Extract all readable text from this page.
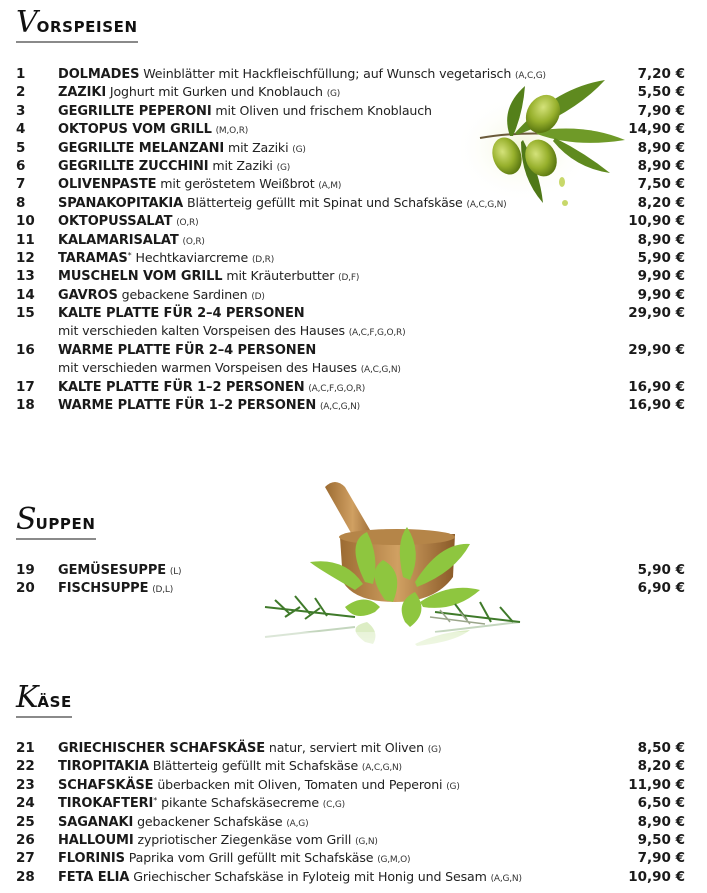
VORSPEISEN
1	DOLMADES Weinblätter mit Hackfleischfüllung; auf Wunsch vegetarisch (A,C,G)	7,20 €
2	ZAZIKI Joghurt mit Gurken und Knoblauch (G)	5,50 €
3	GEGRILLTE PEPERONI mit Oliven und frischem Knoblauch	7,90 €
4	OKTOPUS VOM GRILL (M,O,R)	14,90 €
5	GEGRILLTE MELANZANI mit Zaziki (G)	8,90 €
6	GEGRILLTE ZUCCHINI mit Zaziki (G)	8,90 €
7	OLIVENPASTE mit geröstetem Weißbrot (A,M)	7,50 €
8	SPANAKOPITAKIA Blätterteig gefüllt mit Spinat und Schafskäse (A,C,G,N)	8,20 €
10 OKTOPUSSALAT (O,R)	10,90 €
11 KALAMARISALAT (O,R)	8,90 €
12 TARAMAS* Hechtkaviarcreme (D,R)	5,90 €
13 MUSCHELN VOM GRILL mit Kräuterbutter (D,F)	9,90 €
14 GAVROS gebackene Sardinen (D)	9,90 €
15 KALTE PLATTE FÜR 2–4 PERSONEN	29,90 €
mit verschieden kalten Vorspeisen des Hauses (A,C,F,G,O,R)
16 WARME PLATTE FÜR 2–4 PERSONEN	29,90 €
mit verschieden warmen Vorspeisen des Hauses (A,C,G,N)
17 KALTE PLATTE FÜR 1–2 PERSONEN (A,C,F,G,O,R)	16,90 €
18 WARME PLATTE FÜR 1–2 PERSONEN (A,C,G,N)	16,90 €
SUPPEN
19 GEMÜSESUPPE (L)	5,90 €
20 FISCHSUPPE (D,L)	6,90 €
KÄSE
21 GRIECHISCHER SCHAFSKÄSE natur, serviert mit Oliven (G)	8,50 €
22 TIROPITAKIA Blätterteig gefüllt mit Schafskäse (A,C,G,N)	8,20 €
23 SCHAFSKÄSE überbacken mit Oliven, Tomaten und Peperoni (G)	11,90 €
24 TIROKAFTERI* pikante Schafskäsecreme (C,G)	6,50 €
25 SAGANAKI gebackener Schafskäse (A,G)	8,90 €
26 HALLOUMI zypriotischer Ziegenkäse vom Grill (G,N)	9,50 €
27 FLORINIS Paprika vom Grill gefüllt mit Schafskäse (G,M,O)	7,90 €
28 FETA ELIA Griechischer Schafskäse in Fyloteig mit Honig und Sesam (A,G,N)	10,90 €
